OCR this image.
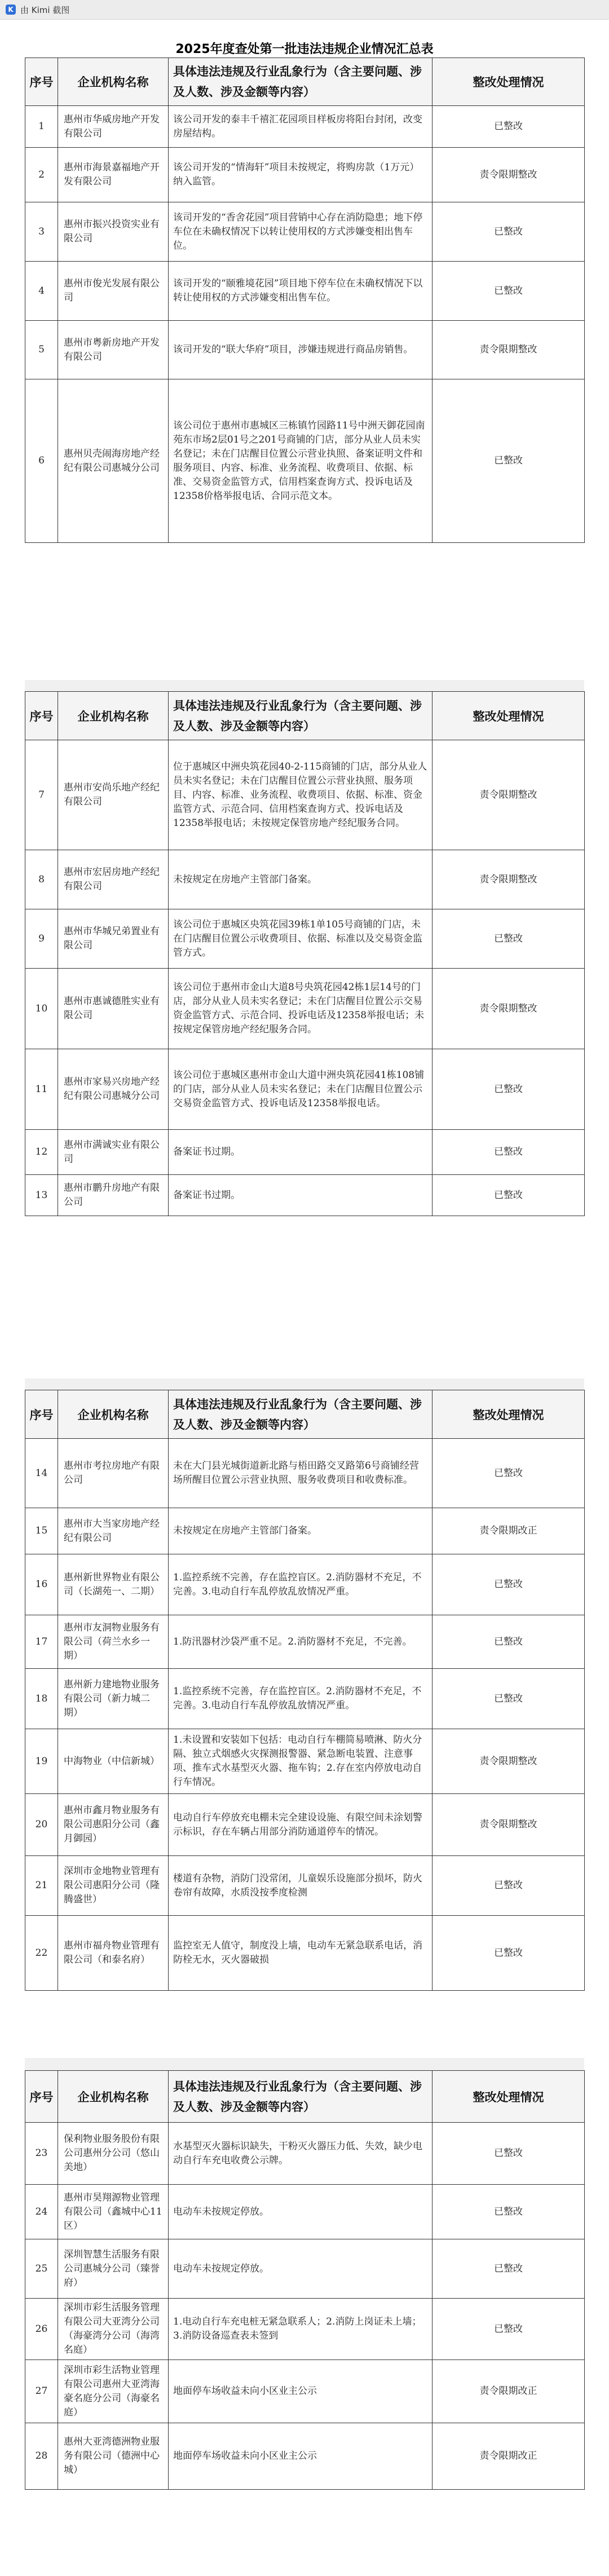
K 由 Kimi 截图
2025年度查处第一批违法违规企业情况汇总表
序号	企业机构名称	具体违法违规及行业乱象行为（含主要问题、涉及人数、涉及金额等内容）	整改处理情况
1	惠州市华威房地产开发有限公司	该公司开发的泰丰千禧汇花园项目样板房将阳台封闭，改变房屋结构。	已整改
2	惠州市海景嘉福地产开发有限公司	该公司开发的“情海轩”项目未按规定，将购房款（1万元）纳入监管。	责令限期整改
3	惠州市振兴投资实业有限公司	该司开发的“香舍花园”项目营销中心存在消防隐患；地下停车位在未确权情况下以转让使用权的方式涉嫌变相出售车位。	已整改
4	惠州市俊光发展有限公司	该司开发的“颐雅境花园”项目地下停车位在未确权情况下以转让使用权的方式涉嫌变相出售车位。	已整改
5	惠州市粤新房地产开发有限公司	该司开发的“联大华府”项目，涉嫌违规进行商品房销售。	责令限期整改
6	惠州贝壳闹海房地产经纪有限公司惠城分公司	该公司位于惠州市惠城区三栋镇竹园路11号中洲天御花园南苑东市场2层01号之201号商铺的门店，部分从业人员未实名登记；未在门店醒目位置公示营业执照、备案证明文件和服务项目、内容、标准、业务流程、收费项目、依据、标准、交易资金监管方式，信用档案查询方式、投诉电话及12358价格举报电话、合同示范文本。	已整改
序号	企业机构名称	具体违法违规及行业乱象行为（含主要问题、涉及人数、涉及金额等内容）	整改处理情况
7	惠州市安尚乐地产经纪有限公司	位于惠城区中洲央筑花园40-2-115商铺的门店，部分从业人员未实名登记；未在门店醒目位置公示营业执照、服务项目、内容、标准、业务流程、收费项目、依据、标准、资金监管方式、示范合同、信用档案查询方式、投诉电话及12358举报电话；未按规定保管房地产经纪服务合同。	责令限期整改
8	惠州市宏居房地产经纪有限公司	未按规定在房地产主管部门备案。	责令限期整改
9	惠州市华城兄弟置业有限公司	该公司位于惠城区央筑花园39栋1单105号商铺的门店，未在门店醒目位置公示收费项目、依据、标准以及交易资金监管方式。	已整改
10	惠州市惠诚德胜实业有限公司	该公司位于惠州市金山大道8号央筑花园42栋1层14号的门店，部分从业人员未实名登记；未在门店醒目位置公示交易资金监管方式、示范合同、投诉电话及12358举报电话；未按规定保管房地产经纪服务合同。	责令限期整改
11	惠州市家易兴房地产经纪有限公司惠城分公司	该公司位于惠城区惠州市金山大道中洲央筑花园41栋108铺的门店，部分从业人员未实名登记；未在门店醒目位置公示交易资金监管方式、投诉电话及12358举报电话。	已整改
12	惠州市满诚实业有限公司	备案证书过期。	已整改
13	惠州市鹏升房地产有限公司	备案证书过期。	已整改
序号	企业机构名称	具体违法违规及行业乱象行为（含主要问题、涉及人数、涉及金额等内容）	整改处理情况
14	惠州市考拉房地产有限公司	未在大门县光城街道新北路与梧田路交叉路第6号商铺经营场所醒目位置公示营业执照、服务收费项目和收费标准。	已整改
15	惠州市大当家房地产经纪有限公司	未按规定在房地产主管部门备案。	责令限期改正
16	惠州新世界物业有限公司（长湖苑一、二期）	1.监控系统不完善，存在监控盲区。2.消防器材不充足，不完善。3.电动自行车乱停放乱放情况严重。	已整改
17	惠州市友洞物业服务有限公司（荷兰水乡一期）	1.防汛器材沙袋严重不足。2.消防器材不充足，不完善。	已整改
18	惠州新力建地物业服务有限公司（新力城二期）	1.监控系统不完善，存在监控盲区。2.消防器材不充足，不完善。3.电动自行车乱停放乱放情况严重。	已整改
19	中海物业（中信新城）	1.未设置和安装如下包括：电动自行车棚简易喷淋、防火分隔、独立式烟感火灾探测报警器、紧急断电装置、注意事项、推车式水基型灭火器、拖车钩；2.存在室内停放电动自行车情况。	责令限期整改
20	惠州市鑫月物业服务有限公司惠阳分公司（鑫月御园）	电动自行车停放充电棚未完全建设设施、有限空间未涂划警示标识，存在车辆占用部分消防通道停车的情况。	责令限期整改
21	深圳市金地物业管理有限公司惠阳分公司（隆腾盛世）	楼道有杂物，消防门没常闭，儿童娱乐设施部分损坏，防火卷帘有故障，水质没按季度检测	已整改
22	惠州市福舟物业管理有限公司（和泰名府）	监控室无人值守，制度没上墙，电动车无紧急联系电话，消防栓无水，灭火器破损	已整改
序号	企业机构名称	具体违法违规及行业乱象行为（含主要问题、涉及人数、涉及金额等内容）	整改处理情况
23	保利物业服务股份有限公司惠州分公司（悠山美地）	水基型灭火器标识缺失，干粉灭火器压力低、失效，缺少电动自行车充电收费公示牌。	已整改
24	惠州市昊翔源物业管理有限公司（鑫城中心11区）	电动车未按规定停放。	已整改
25	深圳智慧生活服务有限公司惠城分公司（臻誉府）	电动车未按规定停放。	已整改
26	深圳市彩生活服务管理有限公司大亚湾分公司（海豪湾分公司（海湾名庭）	1.电动自行车充电桩无紧急联系人；2.消防上岗证未上墙；3.消防设备巡查表未签到	已整改
27	深圳市彩生活物业管理有限公司惠州大亚湾海豪名庭分公司（海豪名庭）	地面停车场收益未向小区业主公示	责令限期改正
28	惠州大亚湾德洲物业服务有限公司（德洲中心城）	地面停车场收益未向小区业主公示	责令限期改正
